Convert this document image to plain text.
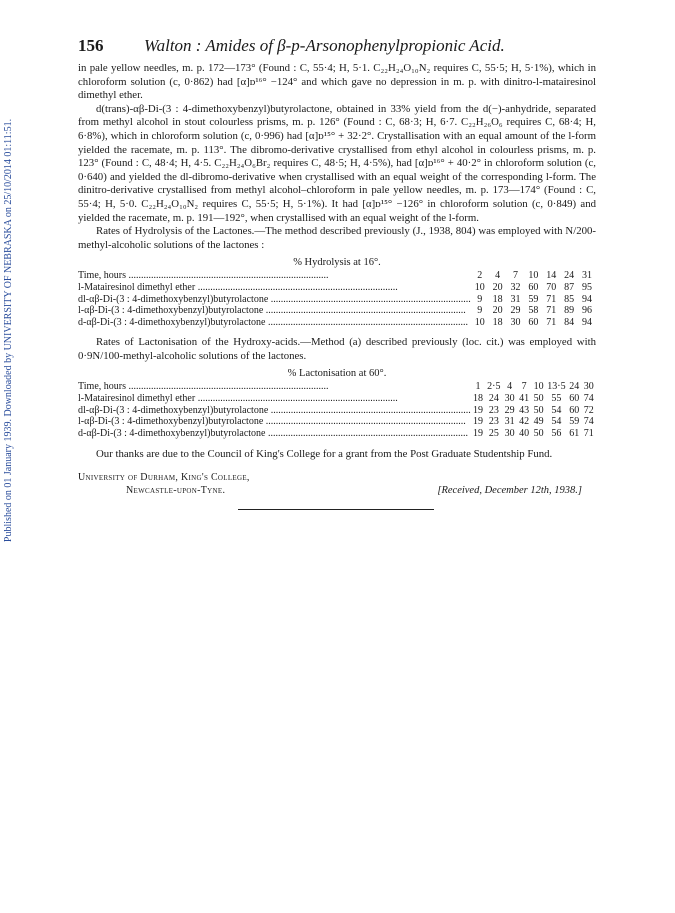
Published on 01 January 1939. Downloaded by UNIVERSITY OF NEBRASKA on 25/10/2014 01:11:51.
156	Walton : Amides of β-p-Arsonophenylpropionic Acid.

in pale yellow needles, m. p. 172—173° (Found : C, 55·4; H, 5·1. C₂₂H₂₄O₁₀N₂ requires C, 55·5; H, 5·1%), which in chloroform solution (c, 0·862) had [α]ᴅ¹⁶° −124° and which gave no depression in m. p. with dinitro-l-matairesinol dimethyl ether.

d(trans)-αβ-Di-(3 : 4-dimethoxybenzyl)butyrolactone, obtained in 33% yield from the d(−)-anhydride, separated from methyl alcohol in stout colourless prisms, m. p. 126° (Found : C, 68·3; H, 6·7. C₂₂H₂₆O₆ requires C, 68·4; H, 6·8%), which in chloroform solution (c, 0·996) had [α]ᴅ¹⁵° + 32·2°. Crystallisation with an equal amount of the l-form yielded the racemate, m. p. 113°. The dibromo-derivative crystallised from ethyl alcohol in colourless prisms, m. p. 123° (Found : C, 48·4; H, 4·5. C₂₂H₂₄O₆Br₂ requires C, 48·5; H, 4·5%), had [α]ᴅ¹⁶° + 40·2° in chloroform solution (c, 0·640) and yielded the dl-dibromo-derivative when crystallised with an equal weight of the corresponding l-form. The dinitro-derivative crystallised from methyl alcohol–chloroform in pale yellow needles, m. p. 173—174° (Found : C, 55·4; H, 5·0. C₂₂H₂₄O₁₀N₂ requires C, 55·5; H, 5·1%). It had [α]ᴅ¹⁵° −126° in chloroform solution (c, 0·849) and yielded the racemate, m. p. 191—192°, when crystallised with an equal weight of the l-form.

Rates of Hydrolysis of the Lactones.—The method described previously (J., 1938, 804) was employed with N/200-methyl-alcoholic solutions of the lactones :

% Hydrolysis at 16°.
Time, hours ................................................................................	2	4	7	10	14	24	31
l-Matairesinol dimethyl ether ................................................................................	10	20	32	60	70	87	95
dl-αβ-Di-(3 : 4-dimethoxybenzyl)butyrolactone ................................................................................	9	18	31	59	71	85	94
l-αβ-Di-(3 : 4-dimethoxybenzyl)butyrolactone ................................................................................	9	20	29	58	71	89	96
d-αβ-Di-(3 : 4-dimethoxybenzyl)butyrolactone ................................................................................	10	18	30	60	71	84	94

Rates of Lactonisation of the Hydroxy-acids.—Method (a) described previously (loc. cit.) was employed with 0·9N/100-methyl-alcoholic solutions of the lactones.

% Lactonisation at 60°.
Time, hours ................................................................................	1	2·5	4	7	10	13·5	24	30
l-Matairesinol dimethyl ether ................................................................................	18	24	30	41	50	55	60	74
dl-αβ-Di-(3 : 4-dimethoxybenzyl)butyrolactone ................................................................................	19	23	29	43	50	54	60	72
l-αβ-Di-(3 : 4-dimethoxybenzyl)butyrolactone ................................................................................	19	23	31	42	49	54	59	74
d-αβ-Di-(3 : 4-dimethoxybenzyl)butyrolactone ................................................................................	19	25	30	40	50	56	61	71

Our thanks are due to the Council of King's College for a grant from the Post Graduate Studentship Fund.

University of Durham, King's College,
Newcastle-upon-Tyne.	[Received, December 12th, 1938.]
